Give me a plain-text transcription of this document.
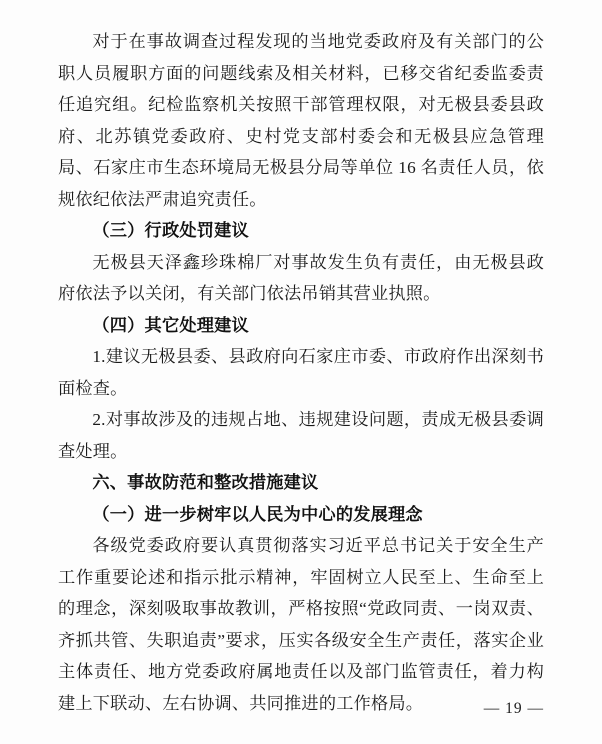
对于在事故调查过程发现的当地党委政府及有关部门的公职人员履职方面的问题线索及相关材料，已移交省纪委监委责任追究组。纪检监察机关按照干部管理权限，对无极县委县政府、北苏镇党委政府、史村党支部村委会和无极县应急管理局、石家庄市生态环境局无极县分局等单位 16 名责任人员，依规依纪依法严肃追究责任。

（三）行政处罚建议

无极县天泽鑫珍珠棉厂对事故发生负有责任，由无极县政府依法予以关闭，有关部门依法吊销其营业执照。

（四）其它处理建议

1.建议无极县委、县政府向石家庄市委、市政府作出深刻书面检查。

2.对事故涉及的违规占地、违规建设问题，责成无极县委调查处理。

六、事故防范和整改措施建议

（一）进一步树牢以人民为中心的发展理念

各级党委政府要认真贯彻落实习近平总书记关于安全生产工作重要论述和指示批示精神，牢固树立人民至上、生命至上的理念，深刻吸取事故教训，严格按照“党政同责、一岗双责、齐抓共管、失职追责”要求，压实各级安全生产责任，落实企业主体责任、地方党委政府属地责任以及部门监管责任，着力构建上下联动、左右协调、共同推进的工作格局。	— 19 —
